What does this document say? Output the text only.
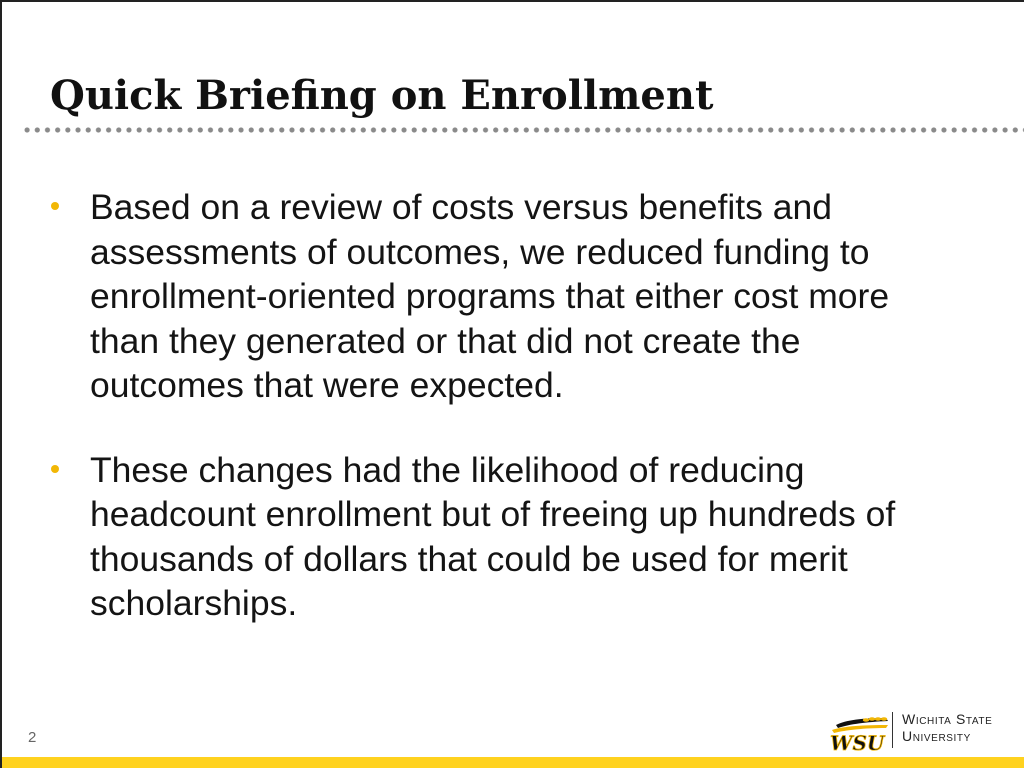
Quick Briefing on Enrollment
Based on a review of costs versus benefits and assessments of outcomes, we reduced funding to enrollment-oriented programs that either cost more than they generated or that did not create the outcomes that were expected.
These changes had the likelihood of reducing headcount enrollment but of freeing up hundreds of thousands of dollars that could be used for merit scholarships.
2	WSU
Wichita State
University
